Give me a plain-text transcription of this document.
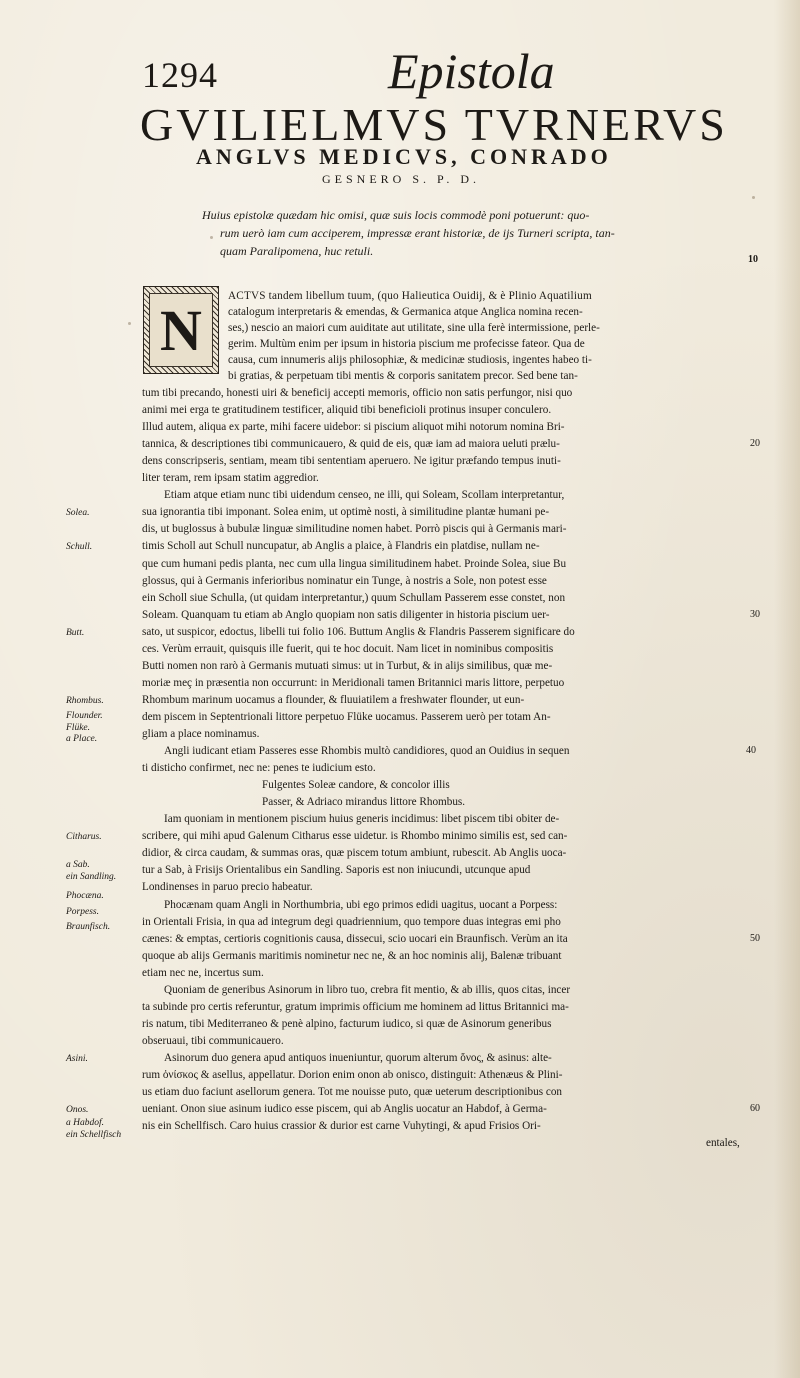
1294	Epistola
GVILIELMVS TVRNERVS
ANGLVS MEDICVS, CONRADO
GESNERO S. P. D.
Huius epistolæ quædam hic omisi, quæ suis locis commodè poni potuerunt: quo-
rum uerò iam cum acciperem, impressæ erant historiæ, de ijs Turneri scripta, tan-
quam Paralipomena, huc retuli.
10
N
ACTVS tandem libellum tuum, (quo Halieutica Ouidij, & è Plinio Aquatilium
catalogum interpretaris & emendas, & Germanica atque Anglica nomina recen-
ses,) nescio an maiori cum auiditate aut utilitate, sine ulla ferè intermissione, perle-
gerim. Multùm enim per ipsum in historia piscium me profecisse fateor. Qua de
causa, cum innumeris alijs philosophiæ, & medicinæ studiosis, ingentes habeo ti-
bi gratias, & perpetuam tibi mentis & corporis sanitatem precor. Sed bene tan-
tum tibi precando, honesti uiri & beneficij accepti memoris, officio non satis perfungor, nisi quo
animi mei erga te gratitudinem testificer, aliquid tibi beneficioli protinus insuper conculero.
Illud autem, aliqua ex parte, mihi facere uidebor: si piscium aliquot mihi notorum nomina Bri-
tannica, & descriptiones tibi communicauero, & quid de eis, quæ iam ad maiora ueluti prælu-
dens conscripseris, sentiam, meam tibi sententiam aperuero. Ne igitur præfando tempus inuti-
liter teram, rem ipsam statim aggredior.
Etiam atque etiam nunc tibi uidendum censeo, ne illi, qui Soleam, Scollam interpretantur,
sua ignorantia tibi imponant. Solea enim, ut optimè nosti, à similitudine plantæ humani pe-
dis, ut buglossus à bubulæ linguæ similitudine nomen habet. Porrò piscis qui à Germanis mari-
timis Scholl aut Schull nuncupatur, ab Anglis a plaice, à Flandris ein platdise, nullam ne-
que cum humani pedis planta, nec cum ulla lingua similitudinem habet. Proinde Solea, siue Bu
glossus, qui à Germanis inferioribus nominatur ein Tunge, à nostris a Sole, non potest esse
ein Scholl siue Schulla, (ut quidam interpretantur,) quum Schullam Passerem esse constet, non
Soleam. Quanquam tu etiam ab Anglo quopiam non satis diligenter in historia piscium uer-
sato, ut suspicor, edoctus, libelli tui folio 106. Buttum Anglis & Flandris Passerem significare do
ces. Verùm errauit, quisquis ille fuerit, qui te hoc docuit. Nam licet in nominibus compositis
Butti nomen non rarò à Germanis mutuati simus: ut in Turbut, & in alijs similibus, quæ me-
moriæ meç in præsentia non occurrunt: in Meridionali tamen Britannici maris littore, perpetuo
Rhombum marinum uocamus a flounder, & fluuiatilem a freshwater flounder, ut eun-
dem piscem in Septentrionali littore perpetuo Flüke uocamus. Passerem uerò per totam An-
gliam a place nominamus.
Angli iudicant etiam Passeres esse Rhombis multò candidiores, quod an Ouidius in sequen
ti disticho confirmet, nec ne: penes te iudicium esto.
Fulgentes Soleæ candore, & concolor illis
Passer, & Adriaco mirandus littore Rhombus.
Iam quoniam in mentionem piscium huius generis incidimus: libet piscem tibi obiter de-
scribere, qui mihi apud Galenum Citharus esse uidetur. is Rhombo minimo similis est, sed can-
didior, & circa caudam, & summas oras, quæ piscem totum ambiunt, rubescit. Ab Anglis uoca-
tur a Sab, à Frisijs Orientalibus ein Sandling. Saporis est non iniucundi, utcunque apud
Londinenses in paruo precio habeatur.
Phocænam quam Angli in Northumbria, ubi ego primos edidi uagitus, uocant a Porpess:
in Orientali Frisia, in qua ad integrum degi quadriennium, quo tempore duas integras emi pho
cænes: & emptas, certioris cognitionis causa, dissecui, scio uocari ein Braunfisch. Verùm an ita
quoque ab alijs Germanis maritimis nominetur nec ne, & an hoc nominis alij, Balenæ tribuant
etiam nec ne, incertus sum.
Quoniam de generibus Asinorum in libro tuo, crebra fit mentio, & ab illis, quos citas, incer
ta subinde pro certis referuntur, gratum imprimis officium me hominem ad littus Britannici ma-
ris natum, tibi Mediterraneo & penè alpino, facturum iudico, si quæ de Asinorum generibus
obseruaui, tibi communicauero.
Asinorum duo genera apud antiquos inueniuntur, quorum alterum ὄνος, & asinus: alte-
rum ὀνίσκος & asellus, appellatur. Dorion enim onon ab onisco, distinguit: Athenæus & Plini-
us etiam duo faciunt asellorum genera. Tot me nouisse puto, quæ ueterum descriptionibus con
ueniant. Onon siue asinum iudico esse piscem, qui ab Anglis uocatur an Habdof, à Germa-
nis ein Schellfisch. Caro huius crassior & durior est carne Vuhytingi, & apud Frisios Ori-
entales,
Solea.
Schull.
Butt.
Rhombus.
Flounder.
Flüke.
a Place.
Citharus.
a Sab.
ein Sandling.
Phocæna.
Porpess.
Braunfisch.
Asini.
Onos.
a Habdof.
ein Schellfisch
20
30
40
50
60
